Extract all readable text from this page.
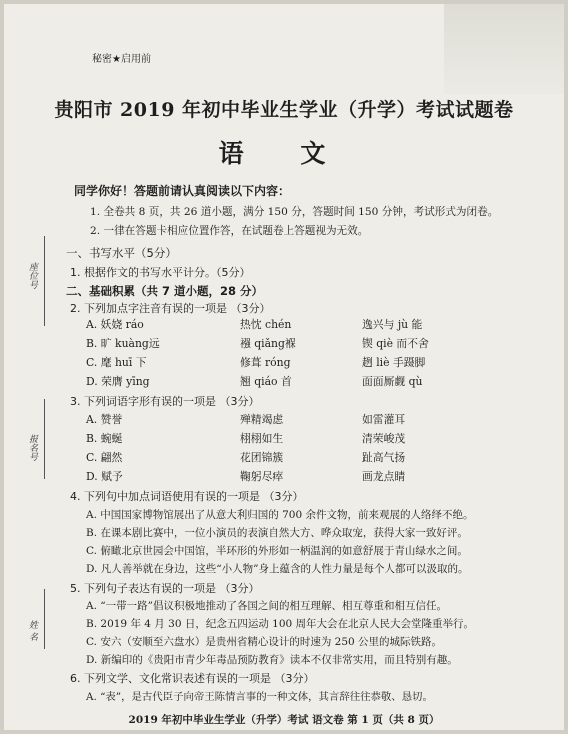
秘密★启用前
贵阳市 2019 年初中毕业生学业（升学）考试试题卷
语 文
同学你好！答题前请认真阅读以下内容：
1. 全卷共 8 页，共 26 道小题，满分 150 分，答题时间 150 分钟，考试形式为闭卷。
2. 一律在答题卡相应位置作答，在试题卷上答题视为无效。
座位号
报名号
姓 名
一、书写水平（5分）
1. 根据作文的书写水平计分。（5分）
二、基础积累（共 7 道小题，28 分）
2. 下列加点字注音有误的一项是 （3分）
A. 妖娆 ráo	热忱 chén	逸兴与 jù 能
B. 旷 kuàng远	襁 qiǎng褓	锲 qiè 而不舍
C. 麾 huī 下	修葺 róng	趔 liè 手蹑脚
D. 荣膺 yīng	翘 qiáo 首	面面厮觑 qù
3. 下列词语字形有误的一项是 （3分）
A. 赞誉	殚精竭虑	如雷灌耳
B. 蜿蜒	栩栩如生	清荣峻茂
C. 翩然	花团锦簇	趾高气扬
D. 赋予	鞠躬尽瘁	画龙点睛
4. 下列句中加点词语使用有误的一项是 （3分）
A. 中国国家博物馆展出了从意大利归国的 700 余件文物，前来观展的人络绎不绝。
B. 在课本剧比赛中，一位小演员的表演自然大方、哗众取宠，获得大家一致好评。
C. 俯瞰北京世园会中国馆，半环形的外形如一柄温润的如意舒展于青山绿水之间。
D. 凡人善举就在身边，这些“小人物”身上蕴含的人性力量是每个人都可以汲取的。
5. 下列句子表达有误的一项是 （3分）
A. “一带一路”倡议积极地推动了各国之间的相互理解、相互尊重和相互信任。
B. 2019 年 4 月 30 日，纪念五四运动 100 周年大会在北京人民大会堂隆重举行。
C. 安六（安顺至六盘水）是贵州省精心设计的时速为 250 公里的城际铁路。
D. 新编印的《贵阳市青少年毒品预防教育》读本不仅非常实用，而且特别有趣。
6. 下列文学、文化常识表述有误的一项是 （3分）
A. “表”，是古代臣子向帝王陈情言事的一种文体，其言辞往往恭敬、恳切。
2019 年初中毕业生学业（升学）考试 语文卷 第 1 页（共 8 页）
